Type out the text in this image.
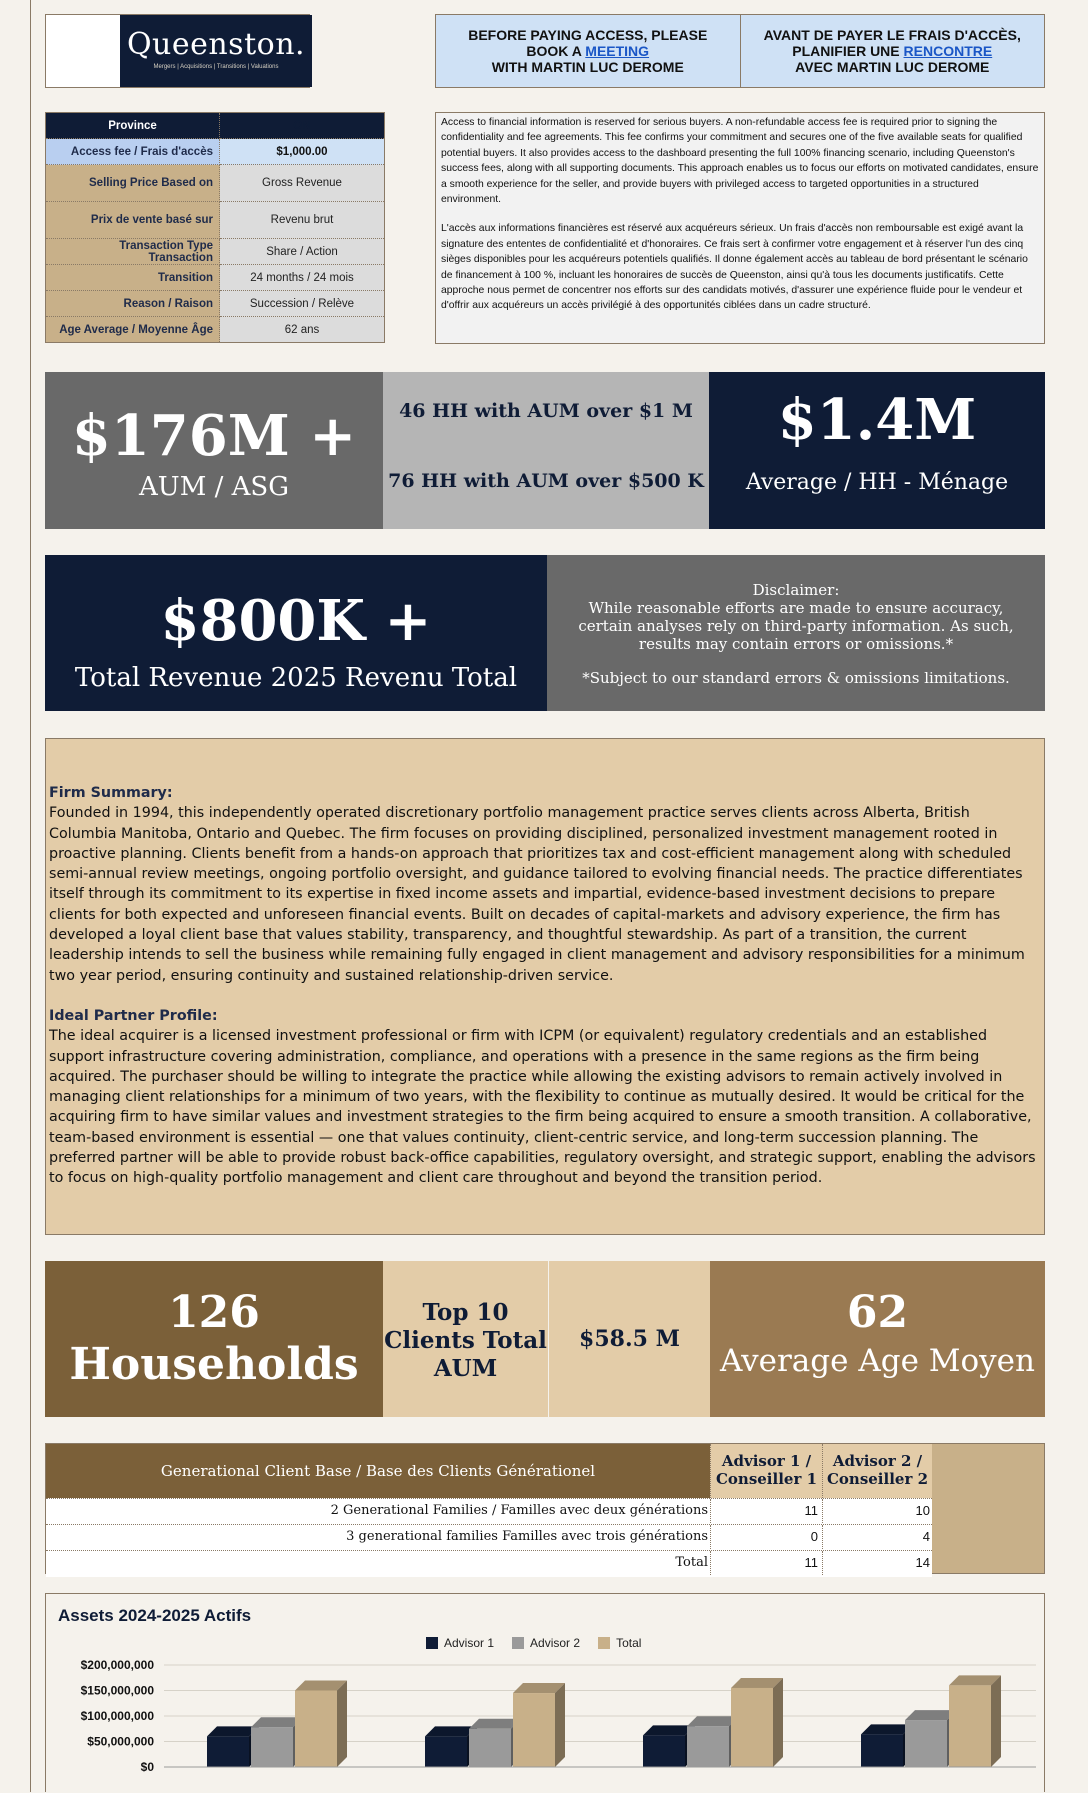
Queenston.
Mergers | Acquisitions | Transitions | Valuations
BEFORE PAYING ACCESS, PLEASE BOOK A MEETING
WITH MARTIN LUC DEROME
AVANT DE PAYER LE FRAIS D'ACCÈS, PLANIFIER UNE RENCONTRE
AVEC MARTIN LUC DEROME
Province	ON
Access fee / Frais d'accès	$1,000.00
Selling Price Based on	Gross Revenue
Prix de vente basé sur	Revenu brut
Transaction Type Transaction	Share / Action
Transition	24 months / 24 mois
Reason / Raison	Succession / Relève
Age Average / Moyenne Âge	62 ans

Access to financial information is reserved for serious buyers. A non-refundable access fee is required prior to signing the confidentiality and fee agreements. This fee confirms your commitment and secures one of the five available seats for qualified potential buyers. It also provides access to the dashboard presenting the full 100% financing scenario, including Queenston's success fees, along with all supporting documents. This approach enables us to focus our efforts on motivated candidates, ensure a smooth experience for the seller, and provide buyers with privileged access to targeted opportunities in a structured environment.

L'accès aux informations financières est réservé aux acquéreurs sérieux. Un frais d'accès non remboursable est exigé avant la signature des ententes de confidentialité et d'honoraires. Ce frais sert à confirmer votre engagement et à réserver l'un des cinq sièges disponibles pour les acquéreurs potentiels qualifiés. Il donne également accès au tableau de bord présentant le scénario de financement à 100 %, incluant les honoraires de succès de Queenston, ainsi qu'à tous les documents justificatifs. Cette approche nous permet de concentrer nos efforts sur des candidats motivés, d'assurer une expérience fluide pour le vendeur et d'offrir aux acquéreurs un accès privilégié à des opportunités ciblées dans un cadre structuré.

$176M +
AUM / ASG
46 HH with AUM over $1 M
76 HH with AUM over $500 K
$1.4M
Average / HH - Ménage
$800K +
Total Revenue 2025 Revenu Total
Disclaimer:
While reasonable efforts are made to ensure accuracy, certain analyses rely on third-party information. As such, results may contain errors or omissions.*
*Subject to our standard errors & omissions limitations.
Firm Summary:

Founded in 1994, this independently operated discretionary portfolio management practice serves clients across Alberta, British Columbia Manitoba, Ontario and Quebec. The firm focuses on providing disciplined, personalized investment management rooted in proactive planning. Clients benefit from a hands-on approach that prioritizes tax and cost-efficient management along with scheduled semi-annual review meetings, ongoing portfolio oversight, and guidance tailored to evolving financial needs. The practice differentiates itself through its commitment to its expertise in fixed income assets and impartial, evidence-based investment decisions to prepare clients for both expected and unforeseen financial events. Built on decades of capital-markets and advisory experience, the firm has developed a loyal client base that values stability, transparency, and thoughtful stewardship. As part of a transition, the current leadership intends to sell the business while remaining fully engaged in client management and advisory responsibilities for a minimum two year period, ensuring continuity and sustained relationship-driven service.

Ideal Partner Profile:

The ideal acquirer is a licensed investment professional or firm with ICPM (or equivalent) regulatory credentials and an established support infrastructure covering administration, compliance, and operations with a presence in the same regions as the firm being acquired. The purchaser should be willing to integrate the practice while allowing the existing advisors to remain actively involved in managing client relationships for a minimum of two years, with the flexibility to continue as mutually desired. It would be critical for the acquiring firm to have similar values and investment strategies to the firm being acquired to ensure a smooth transition. A collaborative, team-based environment is essential — one that values continuity, client-centric service, and long-term succession planning. The preferred partner will be able to provide robust back-office capabilities, regulatory oversight, and strategic support, enabling the advisors to focus on high-quality portfolio management and client care throughout and beyond the transition period.

126
Households
Top 10 Clients Total AUM
$58.5 M
62
Average Age Moyen
Generational Client Base / Base des Clients Générationel
Advisor 1 / Conseiller 1
Advisor 2 / Conseiller 2
2 Generational Families / Familles avec deux générations	11	10
3 generational families Familles avec trois générations	0	4
Total	11	14
Assets 2024-2025 Actifs
Advisor 1	Advisor 2	Total
$200,000,000
$150,000,000
$100,000,000
$50,000,000
$0
